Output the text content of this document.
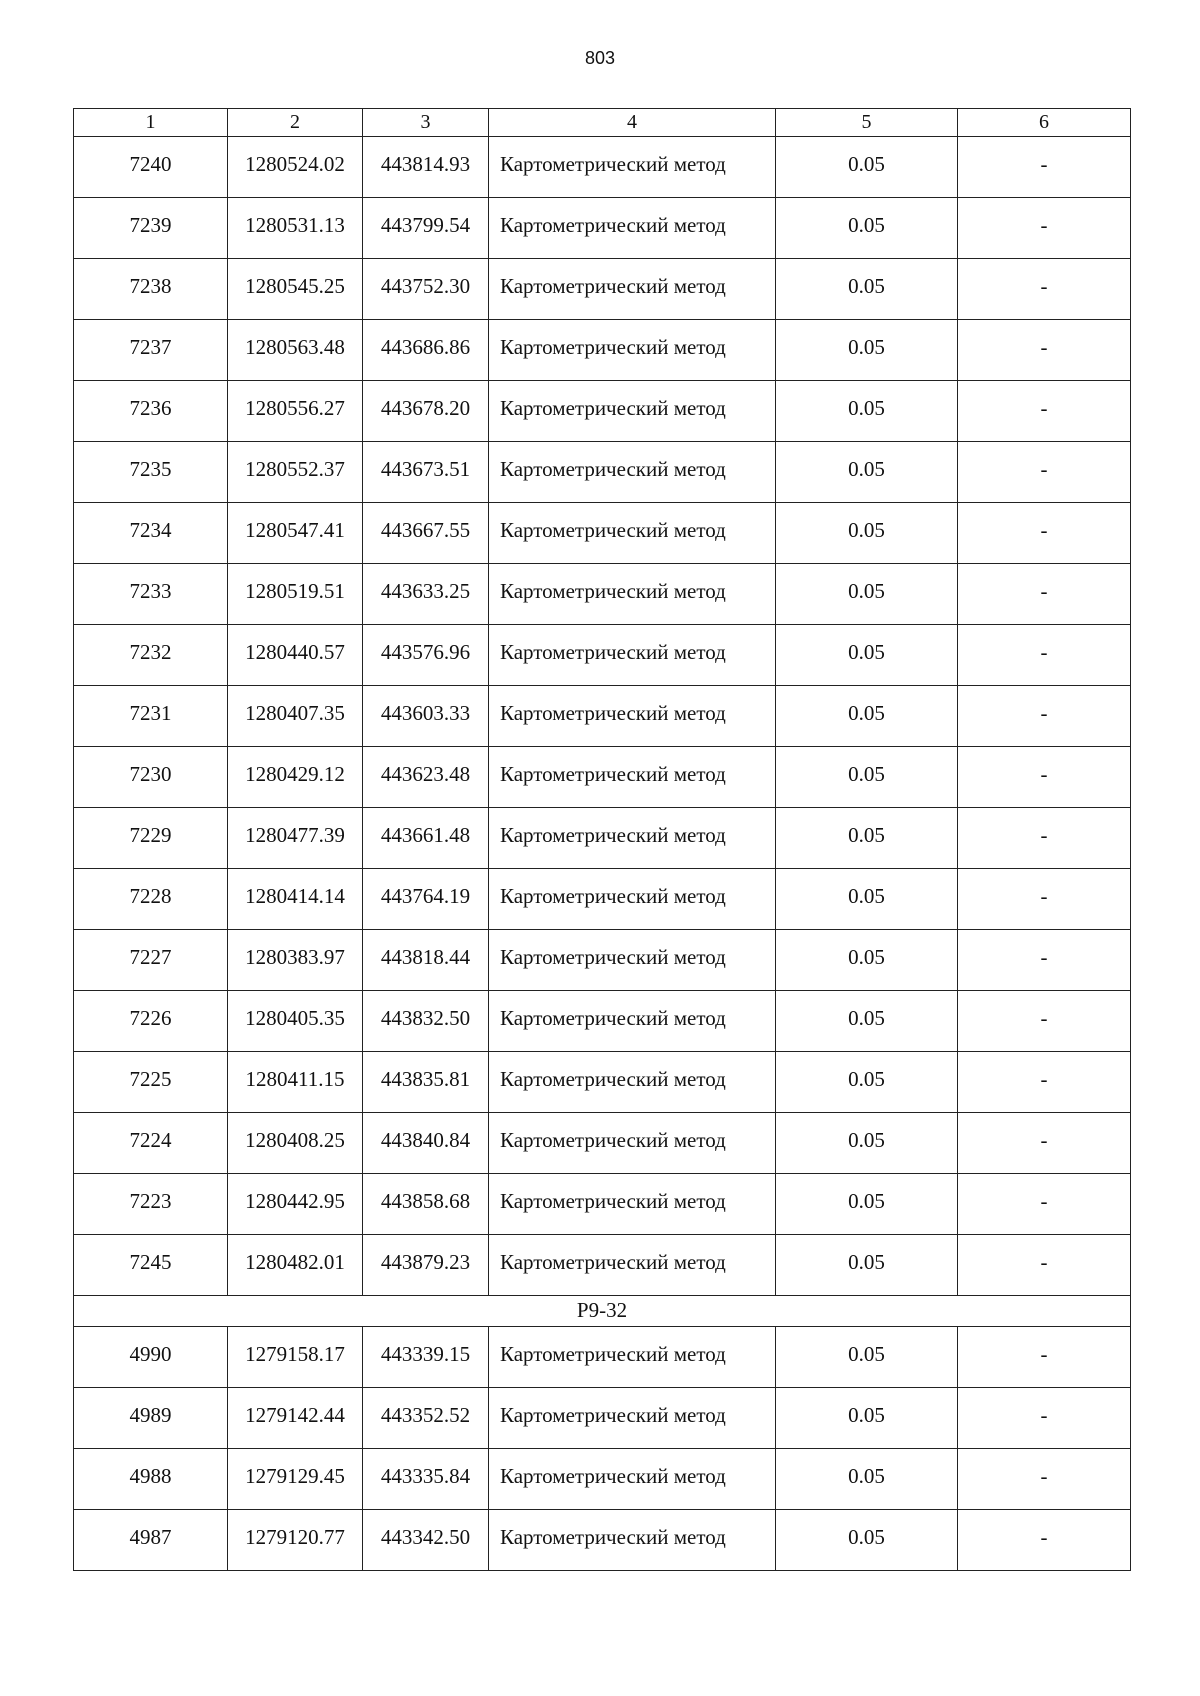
803
1	2	3	4	5	6
7240	1280524.02	443814.93	Картометрический метод	0.05	-
7239	1280531.13	443799.54	Картометрический метод	0.05	-
7238	1280545.25	443752.30	Картометрический метод	0.05	-
7237	1280563.48	443686.86	Картометрический метод	0.05	-
7236	1280556.27	443678.20	Картометрический метод	0.05	-
7235	1280552.37	443673.51	Картометрический метод	0.05	-
7234	1280547.41	443667.55	Картометрический метод	0.05	-
7233	1280519.51	443633.25	Картометрический метод	0.05	-
7232	1280440.57	443576.96	Картометрический метод	0.05	-
7231	1280407.35	443603.33	Картометрический метод	0.05	-
7230	1280429.12	443623.48	Картометрический метод	0.05	-
7229	1280477.39	443661.48	Картометрический метод	0.05	-
7228	1280414.14	443764.19	Картометрический метод	0.05	-
7227	1280383.97	443818.44	Картометрический метод	0.05	-
7226	1280405.35	443832.50	Картометрический метод	0.05	-
7225	1280411.15	443835.81	Картометрический метод	0.05	-
7224	1280408.25	443840.84	Картометрический метод	0.05	-
7223	1280442.95	443858.68	Картометрический метод	0.05	-
7245	1280482.01	443879.23	Картометрический метод	0.05	-
Р9-32					
4990	1279158.17	443339.15	Картометрический метод	0.05	-
4989	1279142.44	443352.52	Картометрический метод	0.05	-
4988	1279129.45	443335.84	Картометрический метод	0.05	-
4987	1279120.77	443342.50	Картометрический метод	0.05	-
